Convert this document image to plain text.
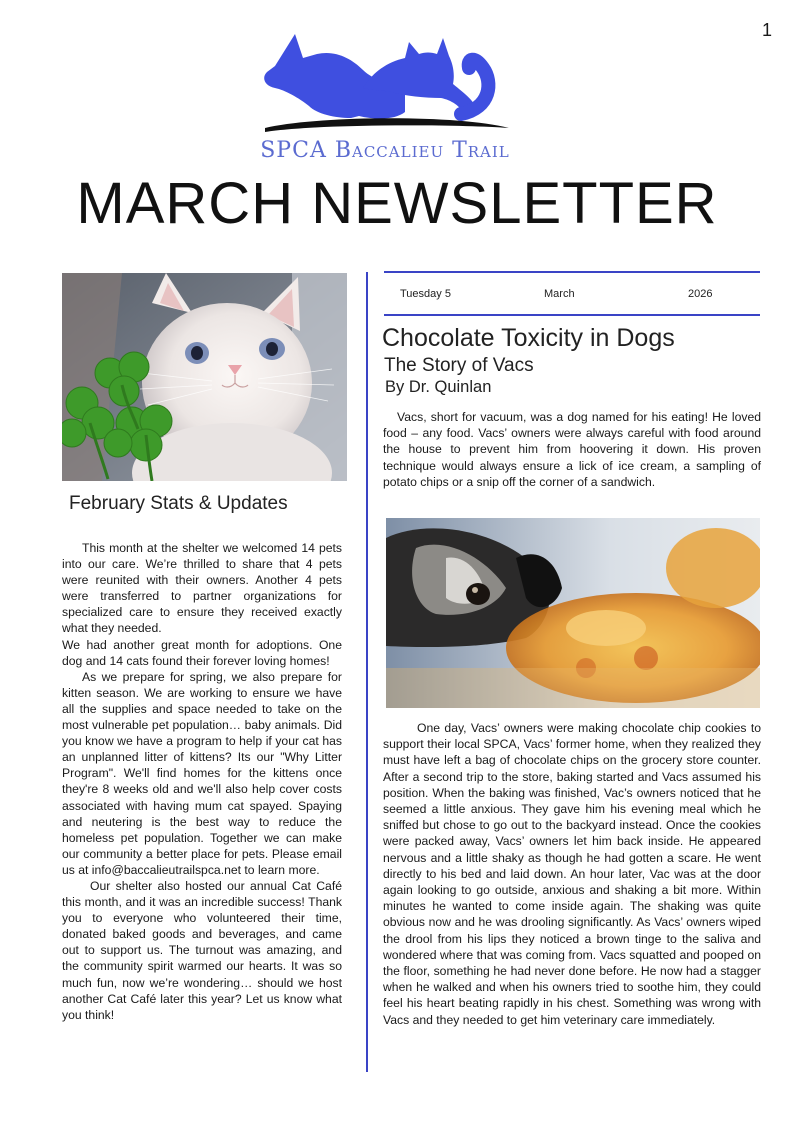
1
SPCA Baccalieu Trail
MARCH NEWSLETTER
February Stats & Updates

This month at the shelter we welcomed 14 pets into our care. We’re thrilled to share that 4 pets were reunited with their owners. Another 4 pets were transferred to partner organizations for specialized care to ensure they received exactly what they needed.

We had another great month for adoptions. One dog and 14 cats found their forever loving homes!

As we prepare for spring, we also prepare for kitten season. We are working to ensure we have all the supplies and space needed to take on the most vulnerable pet population… baby animals. Did you know we have a program to help if your cat has an unplanned litter of kittens? Its our "Why Litter Program". We'll find homes for the kittens once they're 8 weeks old and we'll also help cover costs associated with having mum cat spayed. Spaying and neutering is the best way to reduce the homeless pet population. Together we can make our community a better place for pets. Please email us at info@baccalieutrailspca.net to learn more.

Our shelter also hosted our annual Cat Café this month, and it was an incredible success! Thank you to everyone who volunteered their time, donated baked goods and beverages, and came out to support us. The turnout was amazing, and the community spirit warmed our hearts. It was so much fun, now we’re wondering… should we host another Cat Café later this year? Let us know what you think!

Tuesday 5	March	2026
Chocolate Toxicity in Dogs
The Story of Vacs
By Dr. Quinlan

Vacs, short for vacuum, was a dog named for his eating! He loved food – any food. Vacs’ owners were always careful with food around the house to prevent him from hoovering it down. His proven technique would always ensure a lick of ice cream, a sampling of potato chips or a snip off the corner of a sandwich.

One day, Vacs’ owners were making chocolate chip cookies to support their local SPCA, Vacs’ former home, when they realized they must have left a bag of chocolate chips on the grocery store counter. After a second trip to the store, baking started and Vacs assumed his position. When the baking was finished, Vac’s owners noticed that he seemed a little anxious. They gave him his evening meal which he sniffed but chose to go out to the backyard instead. Once the cookies were packed away, Vacs’ owners let him back inside. He appeared nervous and a little shaky as though he had gotten a scare. He went directly to his bed and laid down. An hour later, Vac was at the door again looking to go outside, anxious and shaking a bit more. Within minutes he wanted to come inside again. The shaking was quite obvious now and he was drooling significantly. As Vacs’ owners wiped the drool from his lips they noticed a brown tinge to the saliva and wondered where that was coming from. Vacs squatted and pooped on the floor, something he had never done before. He now had a stagger when he walked and when his owners tried to soothe him, they could feel his heart beating rapidly in his chest. Something was wrong with Vacs and they needed to get him veterinary care immediately.
